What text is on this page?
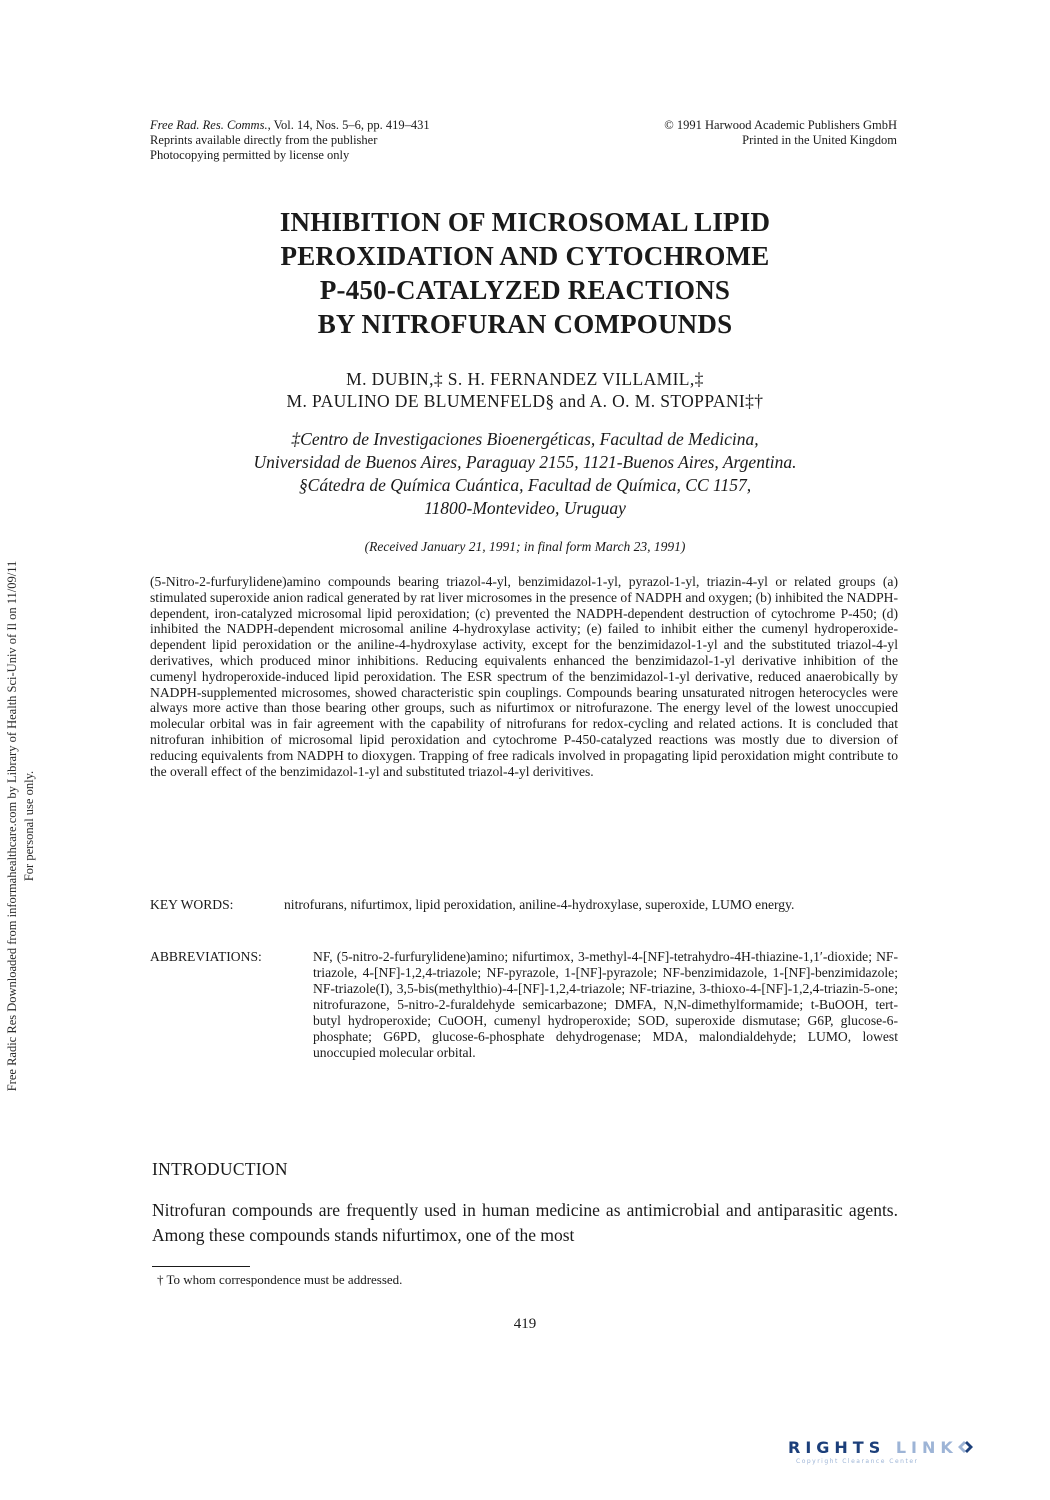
Free Rad. Res. Comms., Vol. 14, Nos. 5–6, pp. 419–431
Reprints available directly from the publisher
Photocopying permitted by license only
© 1991 Harwood Academic Publishers GmbH
Printed in the United Kingdom
INHIBITION OF MICROSOMAL LIPID
PEROXIDATION AND CYTOCHROME
P-450-CATALYZED REACTIONS
BY NITROFURAN COMPOUNDS
M. DUBIN,‡ S. H. FERNANDEZ VILLAMIL,‡
M. PAULINO DE BLUMENFELD§ and A. O. M. STOPPANI‡†
‡Centro de Investigaciones Bioenergéticas, Facultad de Medicina,
Universidad de Buenos Aires, Paraguay 2155, 1121-Buenos Aires, Argentina.
§Cátedra de Química Cuántica, Facultad de Química, CC 1157,
11800-Montevideo, Uruguay
(Received January 21, 1991; in final form March 23, 1991)
(5-Nitro-2-furfurylidene)amino compounds bearing triazol-4-yl, benzimidazol-1-yl, pyrazol-1-yl, triazin-4-yl or related groups (a) stimulated superoxide anion radical generated by rat liver microsomes in the presence of NADPH and oxygen; (b) inhibited the NADPH-dependent, iron-catalyzed microsomal lipid peroxidation; (c) prevented the NADPH-dependent destruction of cytochrome P-450; (d) inhibited the NADPH-dependent microsomal aniline 4-hydroxylase activity; (e) failed to inhibit either the cumenyl hydroperoxide-dependent lipid peroxidation or the aniline-4-hydroxylase activity, except for the benzimidazol-1-yl and the substituted triazol-4-yl derivatives, which produced minor inhibitions. Reducing equivalents enhanced the benzimidazol-1-yl derivative inhibition of the cumenyl hydroperoxide-induced lipid peroxidation. The ESR spectrum of the benzimidazol-1-yl derivative, reduced anaerobically by NADPH-supplemented microsomes, showed characteristic spin couplings. Compounds bearing unsaturated nitrogen heterocycles were always more active than those bearing other groups, such as nifurtimox or nitrofurazone. The energy level of the lowest unoccupied molecular orbital was in fair agreement with the capability of nitrofurans for redox-cycling and related actions. It is concluded that nitrofuran inhibition of microsomal lipid peroxidation and cytochrome P-450-catalyzed reactions was mostly due to diversion of reducing equivalents from NADPH to dioxygen. Trapping of free radicals involved in propagating lipid peroxidation might contribute to the overall effect of the benzimidazol-1-yl and substituted triazol-4-yl derivitives.
KEY WORDS:	nitrofurans, nifurtimox, lipid peroxidation, aniline-4-hydroxylase, superoxide, LUMO energy.
ABBREVIATIONS:	NF, (5-nitro-2-furfurylidene)amino; nifurtimox, 3-methyl-4-[NF]-tetrahydro-4H-thiazine-1,1′-dioxide; NF-triazole, 4-[NF]-1,2,4-triazole; NF-pyrazole, 1-[NF]-pyrazole; NF-benzimidazole, 1-[NF]-benzimidazole; NF-triazole(I), 3,5-bis(methylthio)-4-[NF]-1,2,4-triazole; NF-triazine, 3-thioxo-4-[NF]-1,2,4-triazin-5-one; nitrofurazone, 5-nitro-2-furaldehyde semicarbazone; DMFA, N,N-dimethylformamide; t-BuOOH, tert-butyl hydroperoxide; CuOOH, cumenyl hydroperoxide; SOD, superoxide dismutase; G6P, glucose-6-phosphate; G6PD, glucose-6-phosphate dehydrogenase; MDA, malondialdehyde; LUMO, lowest unoccupied molecular orbital.
INTRODUCTION
Nitrofuran compounds are frequently used in human medicine as antimicrobial and antiparasitic agents. Among these compounds stands nifurtimox, one of the most
† To whom correspondence must be addressed.
419
Free Radic Res Downloaded from informahealthcare.com by Library of Health Sci-Univ of Il on 11/09/11 For personal use only.
RIGHTS LINK
Copyright Clearance Center
